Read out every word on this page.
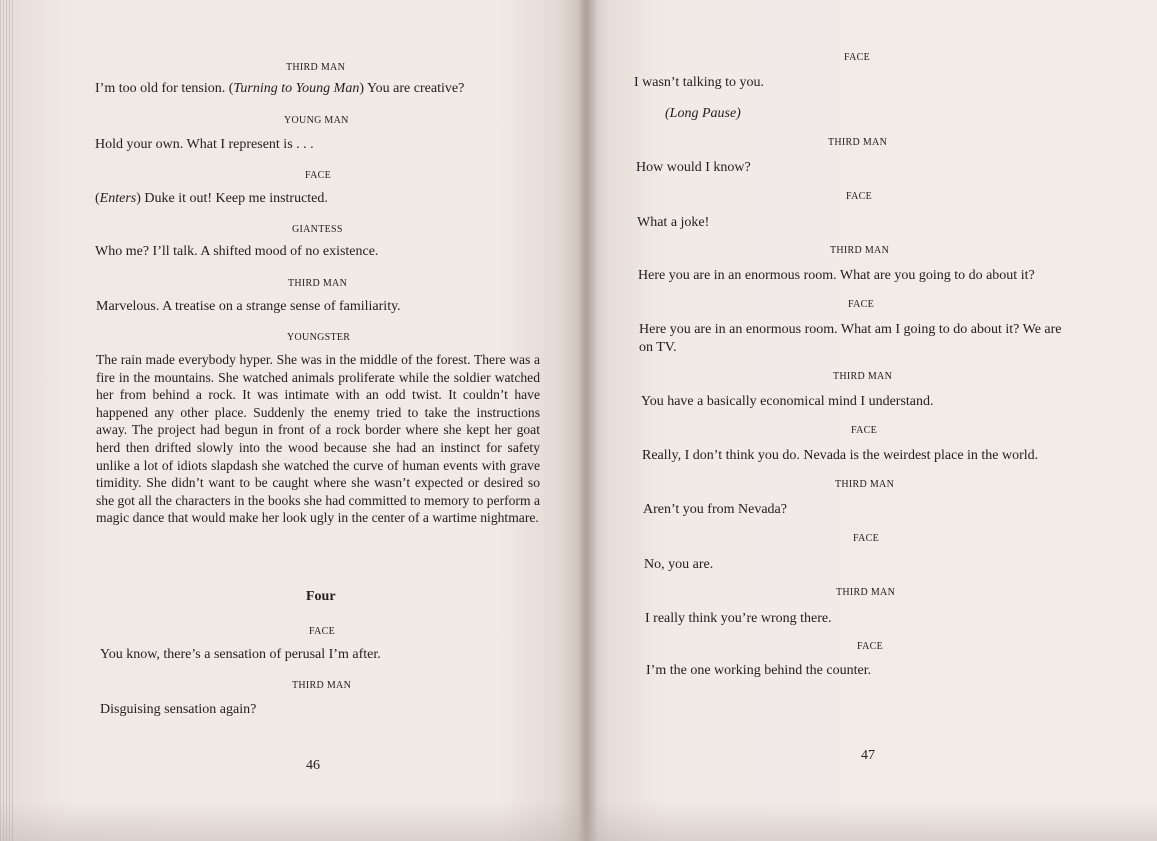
THIRD MAN
I’m too old for tension. (Turning to Young Man) You are creative?
YOUNG MAN
Hold your own. What I represent is . . .
FACE
(Enters) Duke it out! Keep me instructed.
GIANTESS
Who me? I’ll talk. A shifted mood of no existence.
THIRD MAN
Marvelous. A treatise on a strange sense of familiarity.
YOUNGSTER
The rain made everybody hyper. She was in the middle of the forest. There was a fire in the mountains. She watched animals proliferate while the soldier watched her from behind a rock. It was intimate with an odd twist. It couldn’t have happened any other place. Suddenly the enemy tried to take the instructions away. The project had begun in front of a rock border where she kept her goat herd then drifted slowly into the wood because she had an instinct for safety unlike a lot of idiots slapdash she watched the curve of human events with grave timidity. She didn’t want to be caught where she wasn’t expected or desired so she got all the characters in the books she had committed to memory to perform a magic dance that would make her look ugly in the center of a wartime nightmare.
Four
FACE
You know, there’s a sensation of perusal I’m after.
THIRD MAN
Disguising sensation again?
46
FACE
I wasn’t talking to you.
(Long Pause)
THIRD MAN
How would I know?
FACE
What a joke!
THIRD MAN
Here you are in an enormous room. What are you going to do about it?
FACE
Here you are in an enormous room. What am I going to do about it? We are
on TV.
THIRD MAN
You have a basically economical mind I understand.
FACE
Really, I don’t think you do. Nevada is the weirdest place in the world.
THIRD MAN
Aren’t you from Nevada?
FACE
No, you are.
THIRD MAN
I really think you’re wrong there.
FACE
I’m the one working behind the counter.
47
